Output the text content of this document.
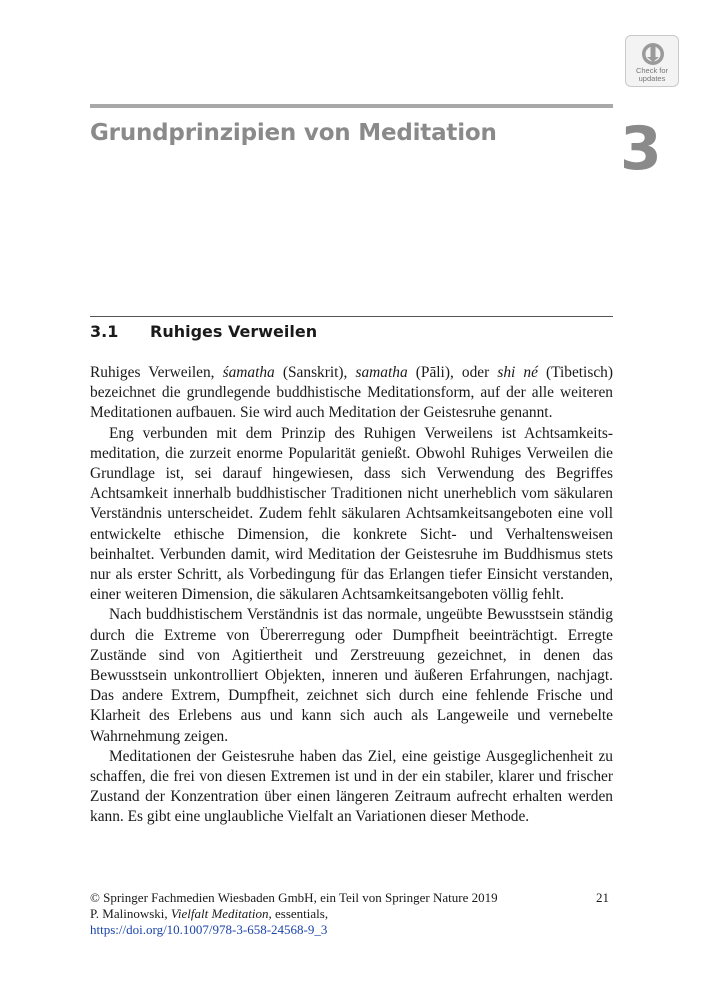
Check for
updates
Grundprinzipien von Meditation 3
3.1 Ruhiges Verweilen

Ruhiges Verweilen, śamatha (Sanskrit), samatha (Pāli), oder shi né (Tibetisch) bezeichnet die grundlegende buddhistische Meditationsform, auf der alle weiteren Meditationen aufbauen. Sie wird auch Meditation der Geistesruhe genannt.

Eng verbunden mit dem Prinzip des Ruhigen Verweilens ist Achtsamkeitsmeditation, die zurzeit enorme Popularität genießt. Obwohl Ruhiges Verweilen die Grundlage ist, sei darauf hingewiesen, dass sich Verwendung des Begriffes Achtsamkeit innerhalb buddhistischer Traditionen nicht unerheblich vom säkularen Verständnis unterscheidet. Zudem fehlt säkularen Achtsamkeitsangeboten eine voll entwickelte ethische Dimension, die konkrete Sicht- und Verhaltensweisen beinhaltet. Verbunden damit, wird Meditation der Geistesruhe im Buddhismus stets nur als erster Schritt, als Vorbedingung für das Erlangen tiefer Einsicht verstanden, einer weiteren Dimension, die säkularen Achtsamkeitsangeboten völlig fehlt.

Nach buddhistischem Verständnis ist das normale, ungeübte Bewusstsein ständig durch die Extreme von Übererregung oder Dumpfheit beeinträchtigt. Erregte Zustände sind von Agitiertheit und Zerstreuung gezeichnet, in denen das Bewusstsein unkontrolliert Objekten, inneren und äußeren Erfahrungen, nachjagt. Das andere Extrem, Dumpfheit, zeichnet sich durch eine fehlende Frische und Klarheit des Erlebens aus und kann sich auch als Langeweile und vernebelte Wahrnehmung zeigen.

Meditationen der Geistesruhe haben das Ziel, eine geistige Ausgeglichenheit zu schaffen, die frei von diesen Extremen ist und in der ein stabiler, klarer und frischer Zustand der Konzentration über einen längeren Zeitraum aufrecht erhalten werden kann. Es gibt eine unglaubliche Vielfalt an Variationen dieser Methode.

© Springer Fachmedien Wiesbaden GmbH, ein Teil von Springer Nature 2019
P. Malinowski, Vielfalt Meditation, essentials,
https://doi.org/10.1007/978-3-658-24568-9_3
21
